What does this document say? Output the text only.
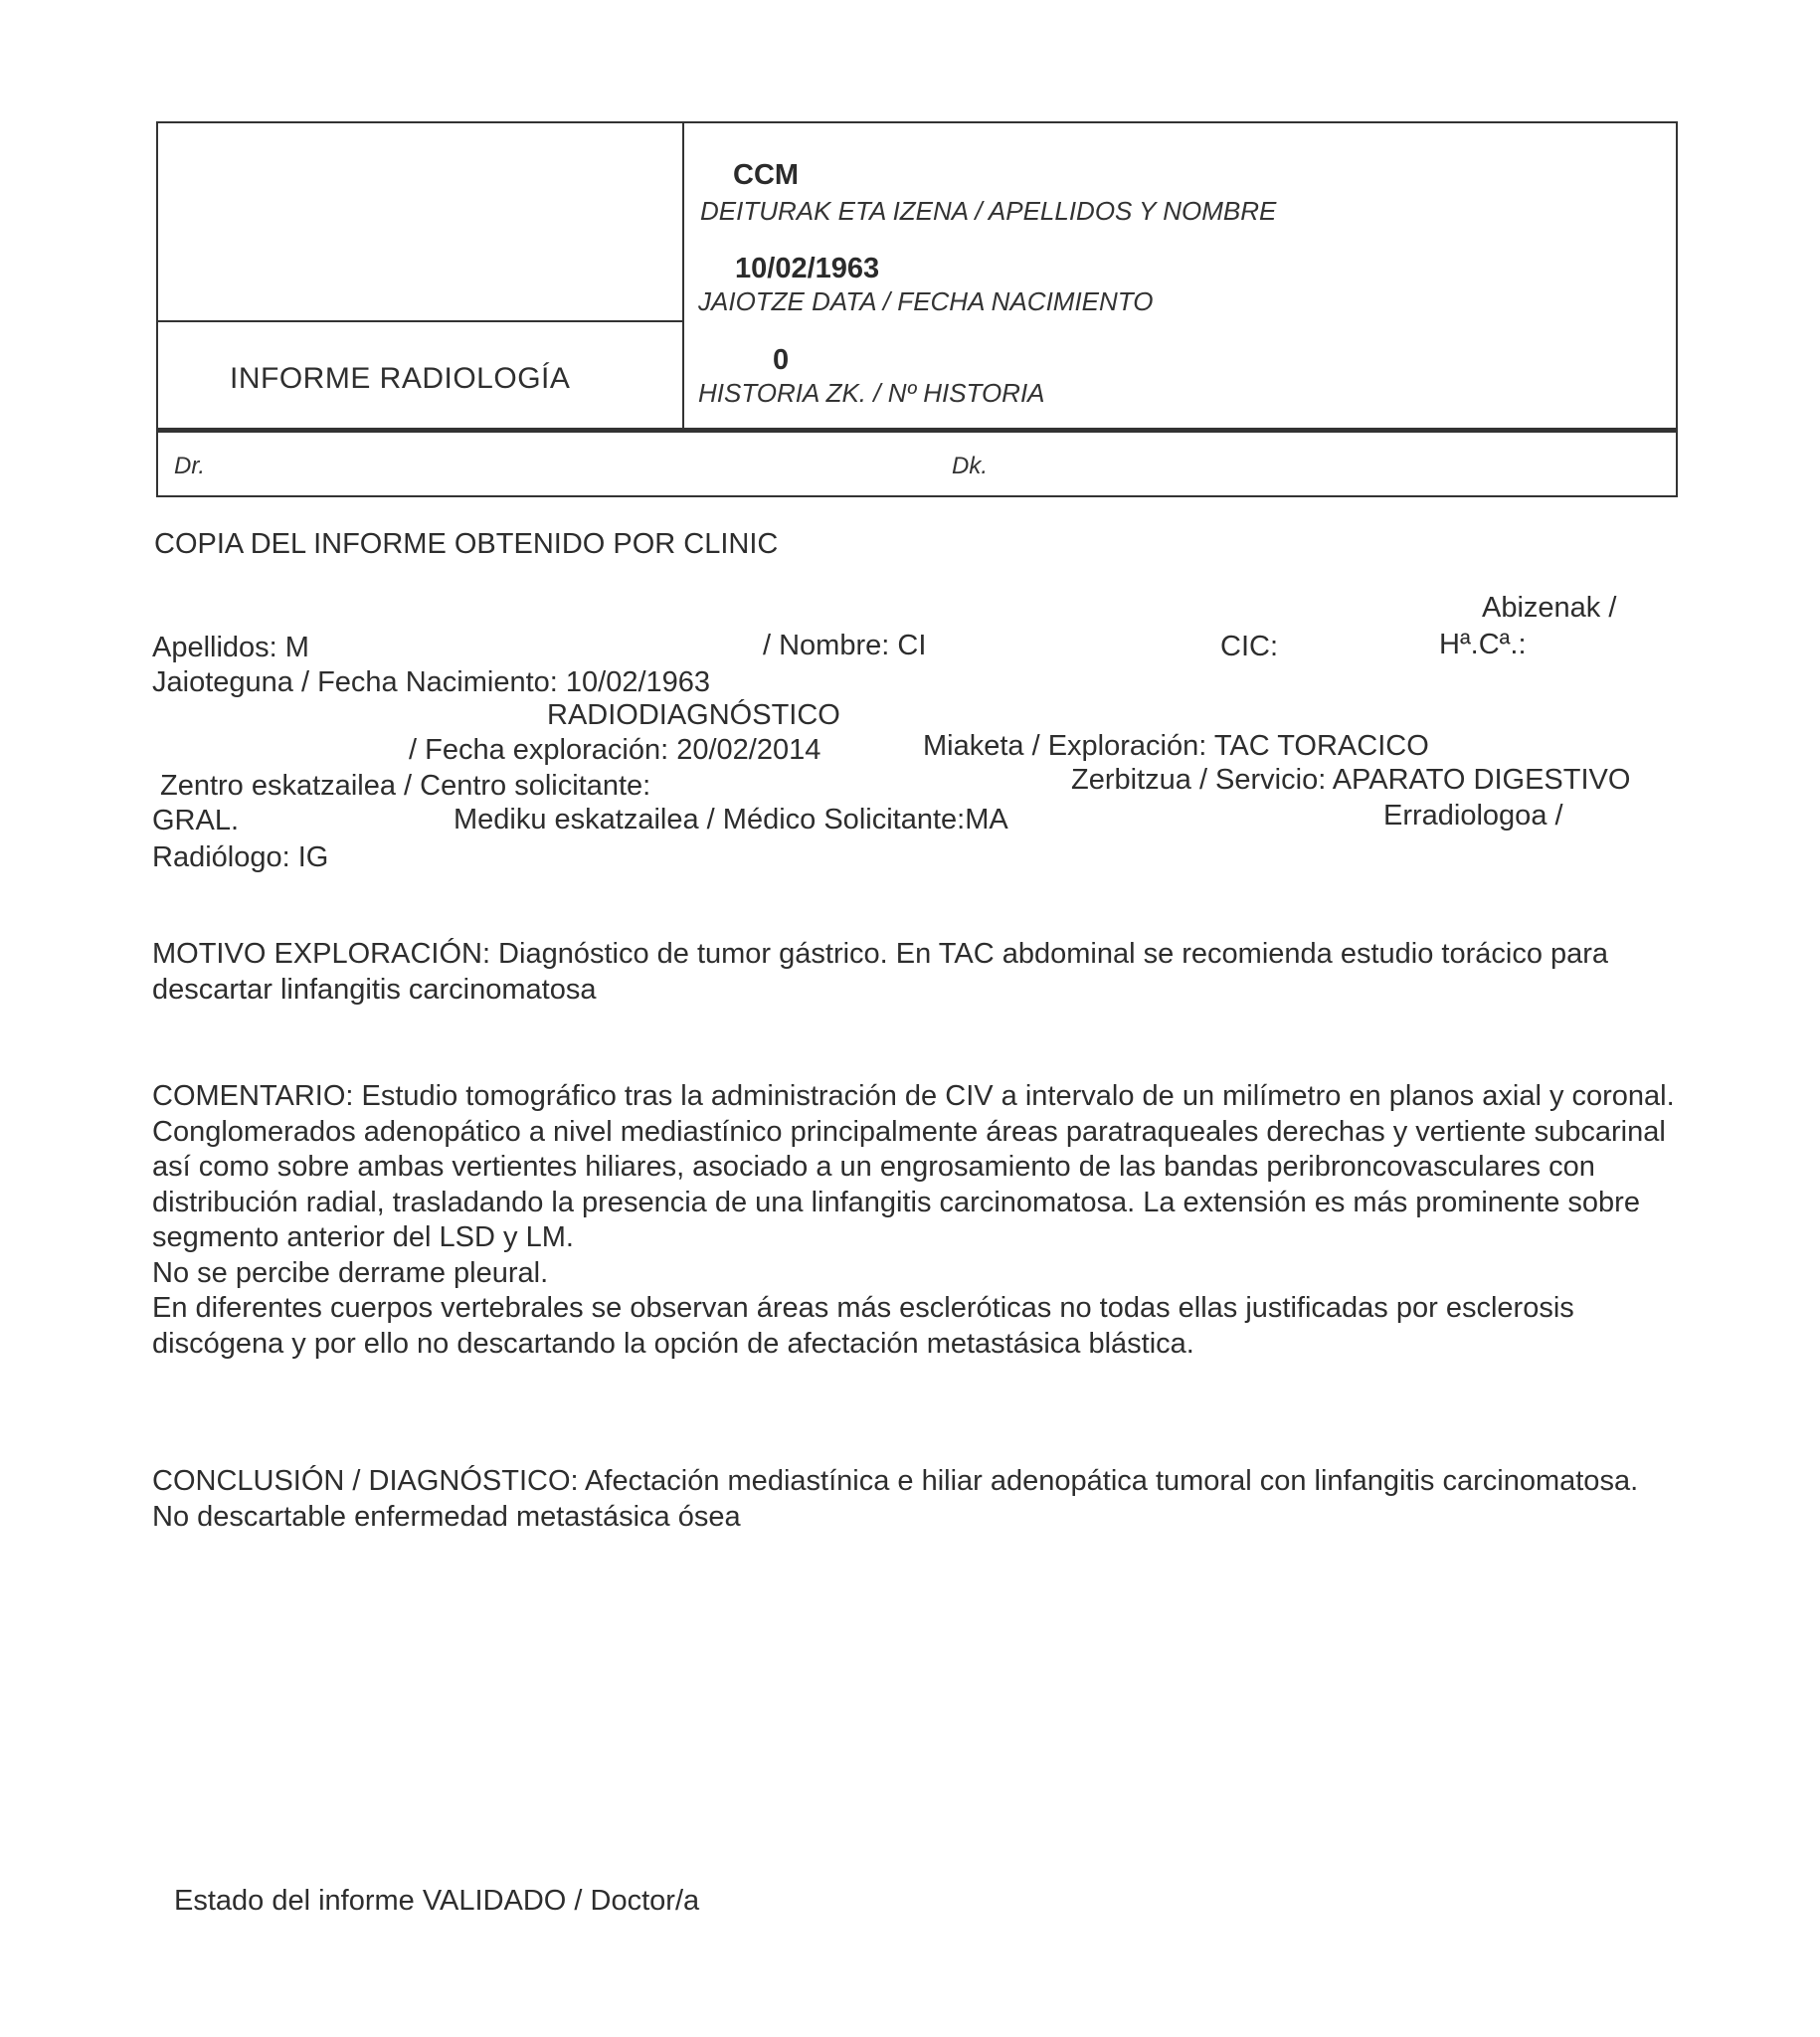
INFORME RADIOLOGÍA
CCM
DEITURAK ETA IZENA / APELLIDOS Y NOMBRE
10/02/1963
JAIOTZE DATA / FECHA NACIMIENTO
0
HISTORIA ZK. / Nº HISTORIA
Dr.	Dk.
COPIA DEL INFORME OBTENIDO POR CLINIC
Abizenak /
Apellidos: M	/ Nombre: CI	CIC:	Hª.Cª.:
Jaioteguna / Fecha Nacimiento: 10/02/1963
RADIODIAGNÓSTICO
/ Fecha exploración: 20/02/2014	Miaketa / Exploración: TAC TORACICO
Zentro eskatzailea / Centro solicitante:	Zerbitzua / Servicio: APARATO DIGESTIVO
GRAL.	Mediku eskatzailea / Médico Solicitante:MA	Erradiologoa /
Radiólogo: IG

MOTIVO EXPLORACIÓN: Diagnóstico de tumor gástrico. En TAC abdominal se recomienda estudio torácico para descartar linfangitis carcinomatosa

COMENTARIO: Estudio tomográfico tras la administración de CIV a intervalo de un milímetro en planos axial y coronal.

Conglomerados adenopático a nivel mediastínico principalmente áreas paratraqueales derechas y vertiente subcarinal así como sobre ambas vertientes hiliares, asociado a un engrosamiento de las bandas peribroncovasculares con distribución radial, trasladando la presencia de una linfangitis carcinomatosa. La extensión es más prominente sobre segmento anterior del LSD y LM.

No se percibe derrame pleural.

En diferentes cuerpos vertebrales se observan áreas más escleróticas no todas ellas justificadas por esclerosis discógena y por ello no descartando la opción de afectación metastásica blástica.

CONCLUSIÓN / DIAGNÓSTICO: Afectación mediastínica e hiliar adenopática tumoral con linfangitis carcinomatosa.

No descartable enfermedad metastásica ósea

Estado del informe VALIDADO / Doctor/a
